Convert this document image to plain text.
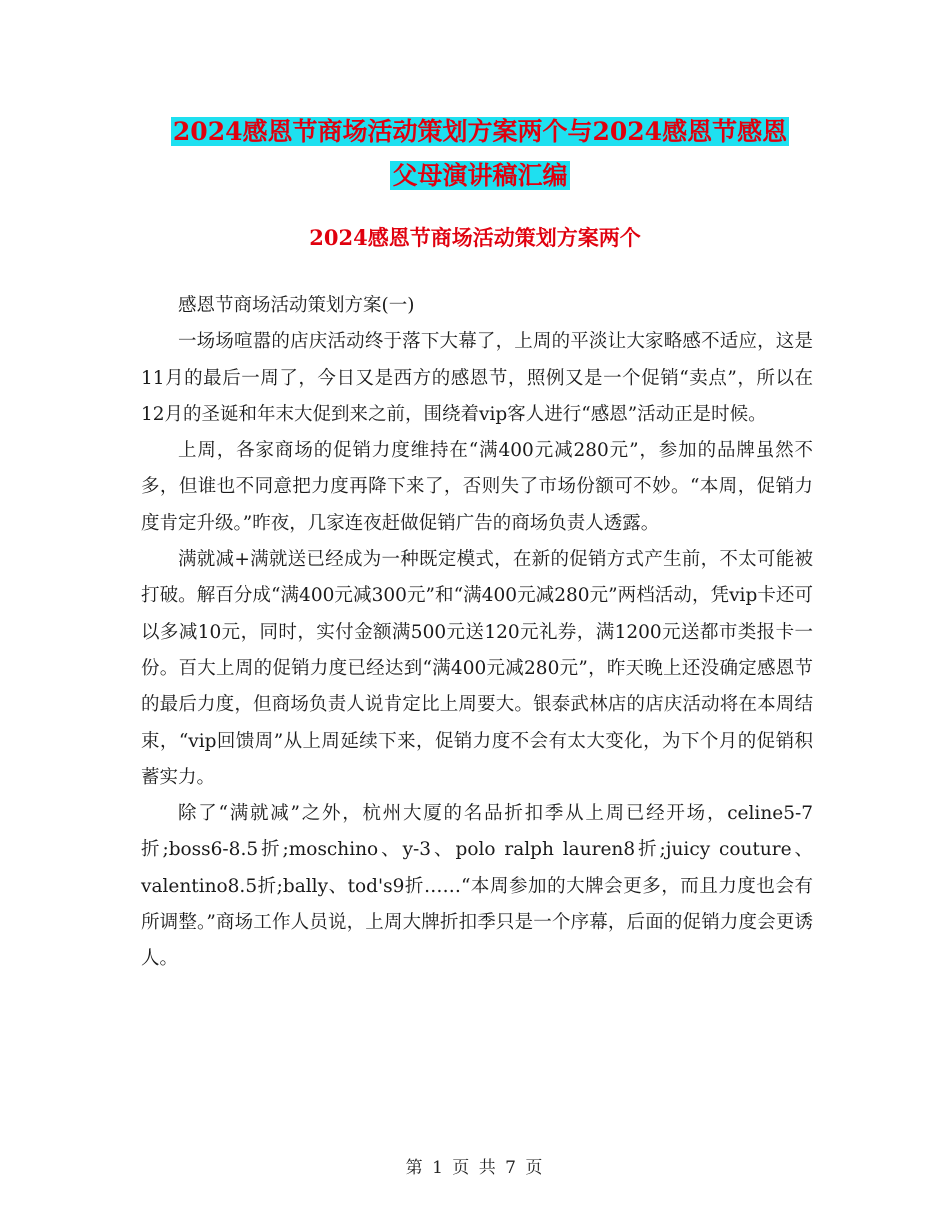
2024感恩节商场活动策划方案两个与2024感恩节感恩
父母演讲稿汇编
2024感恩节商场活动策划方案两个

感恩节商场活动策划方案(一)

一场场喧嚣的店庆活动终于落下大幕了，上周的平淡让大家略感不适应，这是11月的最后一周了，今日又是西方的感恩节，照例又是一个促销“卖点”，所以在12月的圣诞和年末大促到来之前，围绕着vip客人进行“感恩”活动正是时候。

上周，各家商场的促销力度维持在“满400元减280元”，参加的品牌虽然不多，但谁也不同意把力度再降下来了，否则失了市场份额可不妙。“本周，促销力度肯定升级。”昨夜，几家连夜赶做促销广告的商场负责人透露。

满就减+满就送已经成为一种既定模式，在新的促销方式产生前，不太可能被打破。解百分成“满400元减300元”和“满400元减280元”两档活动，凭vip卡还可以多减10元，同时，实付金额满500元送120元礼券，满1200元送都市类报卡一份。百大上周的促销力度已经达到“满400元减280元”，昨天晚上还没确定感恩节的最后力度，但商场负责人说肯定比上周要大。银泰武林店的店庆活动将在本周结束，“vip回馈周”从上周延续下来，促销力度不会有太大变化，为下个月的促销积蓄实力。

除了“满就减”之外，杭州大厦的名品折扣季从上周已经开场，celine5-7折;boss6-8.5折;moschino、y-3、polo ralph lauren8折;juicy couture、valentino8.5折;bally、tod's9折……“本周参加的大牌会更多，而且力度也会有所调整。”商场工作人员说，上周大牌折扣季只是一个序幕，后面的促销力度会更诱人。

第 1 页 共 7 页
